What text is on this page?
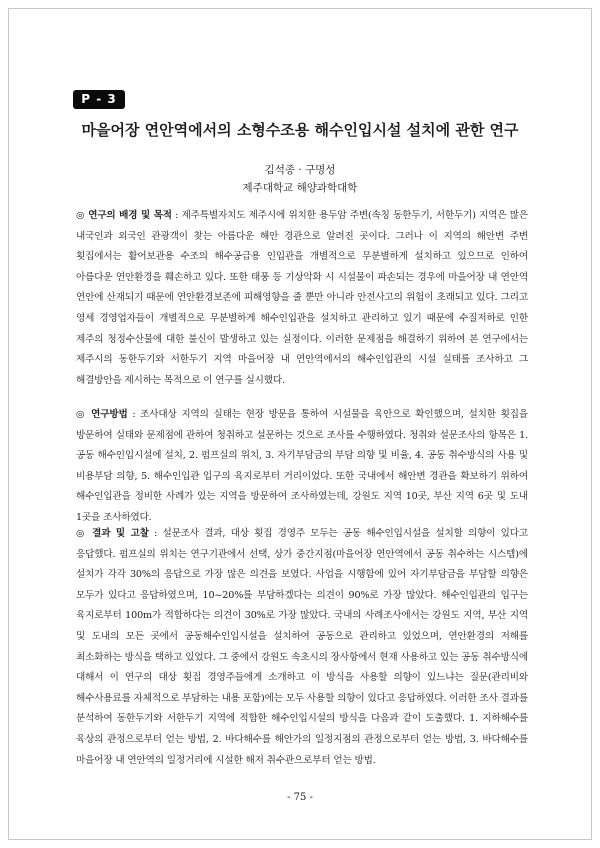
P - 3
마을어장 연안역에서의 소형수조용 해수인입시설 설치에 관한 연구
김석종 · 구명성
제주대학교 해양과학대학
◎ 연구의 배경 및 목적 : 제주특별자치도 제주시에 위치한 용두암 주변(속칭 동한두기, 서한두기) 지역은 많은 내국인과 외국인 관광객이 찾는 아름다운 해안 경관으로 알려진 곳이다. 그러나 이 지역의 해안변 주변 횟집에서는 활어보관용 수조의 해수공급용 인입관을 개별적으로 무분별하게 설치하고 있으므로 인하여 아름다운 연안환경을 훼손하고 있다. 또한 태풍 등 기상악화 시 시설물이 파손되는 경우에 마을어장 내 연안역 연안에 산재되기 때문에 연안환경보존에 피해영향을 줄 뿐만 아니라 안전사고의 위험이 초래되고 있다. 그리고 영세 경영업자들이 개별적으로 무분별하게 해수인입관을 설치하고 관리하고 있기 때문에 수질저하로 인한 제주의 청정수산물에 대한 불신이 발생하고 있는 실정이다. 이러한 문제점을 해결하기 위하여 본 연구에서는 제주시의 동한두기와 서한두기 지역 마을어장 내 연안역에서의 해수인입관의 시설 실태를 조사하고 그 해결방안을 제시하는 목적으로 이 연구를 실시했다.
◎ 연구방법 : 조사대상 지역의 실태는 현장 방문을 통하여 시설물을 육안으로 확인했으며, 설치한 횟집을 방문하여 실태와 문제점에 관하여 청취하고 설문하는 것으로 조사를 수행하였다. 청취와 설문조사의 항목은 1. 공동 해수인입시설에 설치, 2. 펌프실의 위치, 3. 자기부담금의 부담 의향 및 비율, 4. 공동 취수방식의 사용 및 비용부담 의향, 5. 해수인입관 입구의 육지로부터 거리이었다. 또한 국내에서 해안변 경관을 확보하기 위하여 해수인입관을 정비한 사례가 있는 지역을 방문하여 조사하였는데, 강원도 지역 10곳, 부산 지역 6곳 및 도내 1곳을 조사하였다.
◎ 결과 및 고찰 : 설문조사 결과, 대상 횟집 경영주 모두는 공동 해수인입시설을 설치할 의향이 있다고 응답했다. 펌프실의 위치는 연구기관에서 선택, 상가 중간지점(마을어장 연안역에서 공동 취수하는 시스템)에 설치가 각각 30%의 응답으로 가장 많은 의견을 보였다. 사업을 시행함에 있어 자기부담금을 부담할 의향은 모두가 있다고 응답하였으며, 10~20%를 부담하겠다는 의견이 90%로 가장 많았다. 해수인입관의 입구는 육지로부터 100m가 적합하다는 의견이 30%로 가장 많았다. 국내의 사례조사에서는 강원도 지역, 부산 지역 및 도내의 모든 곳에서 공동해수인입시설을 설치하여 공동으로 관리하고 있었으며, 연안환경의 저해를 최소화하는 방식을 택하고 있었다. 그 중에서 강원도 속초시의 장사항에서 현재 사용하고 있는 공동 취수방식에 대해서 이 연구의 대상 횟집 경영주들에게 소개하고 이 방식을 사용할 의향이 있느냐는 질문(관리비와 해수사용료를 자체적으로 부담하는 내용 포함)에는 모두 사용할 의향이 있다고 응답하였다. 이러한 조사 결과를 분석하여 동한두기와 서한두기 지역에 적합한 해수인입시설의 방식을 다음과 같이 도출했다. 1. 지하해수를 육상의 관정으로부터 얻는 방법, 2. 바다해수를 해안가의 일정지점의 관정으로부터 얻는 방법, 3. 바다해수를 마을어장 내 연안역의 일정거리에 시설한 해저 취수관으로부터 얻는 방법.
- 75 -
